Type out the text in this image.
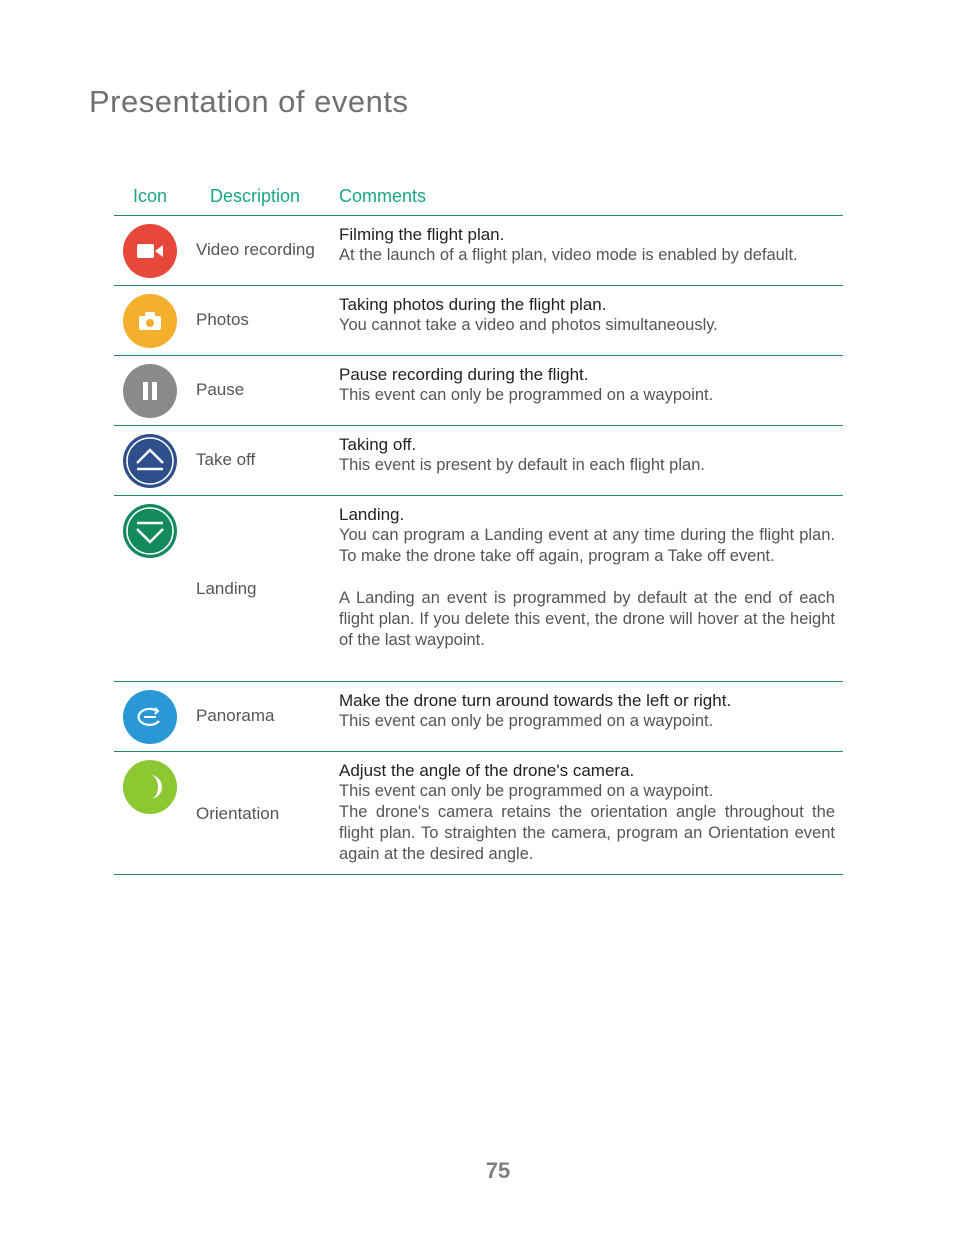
Presentation of events
Icon Description Comments
Video recording
Filming the flight plan.
At the launch of a flight plan, video mode is enabled by default.
Photos
Taking photos during the flight plan.
You cannot take a video and photos simultaneously.
Pause
Pause recording during the flight.
This event can only be programmed on a waypoint.
Take off
Taking off.
This event is present by default in each flight plan.
Landing
Landing.
You can program a Landing event at any time during the flight plan. To make the drone take off again, program a Take off event.
A Landing an event is programmed by default at the end of each flight plan. If you delete this event, the drone will hover at the height of the last waypoint.
Panorama
Make the drone turn around towards the left or right.
This event can only be programmed on a waypoint.
Orientation
Adjust the angle of the drone's camera.
This event can only be programmed on a waypoint.
The drone's camera retains the orientation angle throughout the flight plan. To straighten the camera, program an Orientation event again at the desired angle.
75
